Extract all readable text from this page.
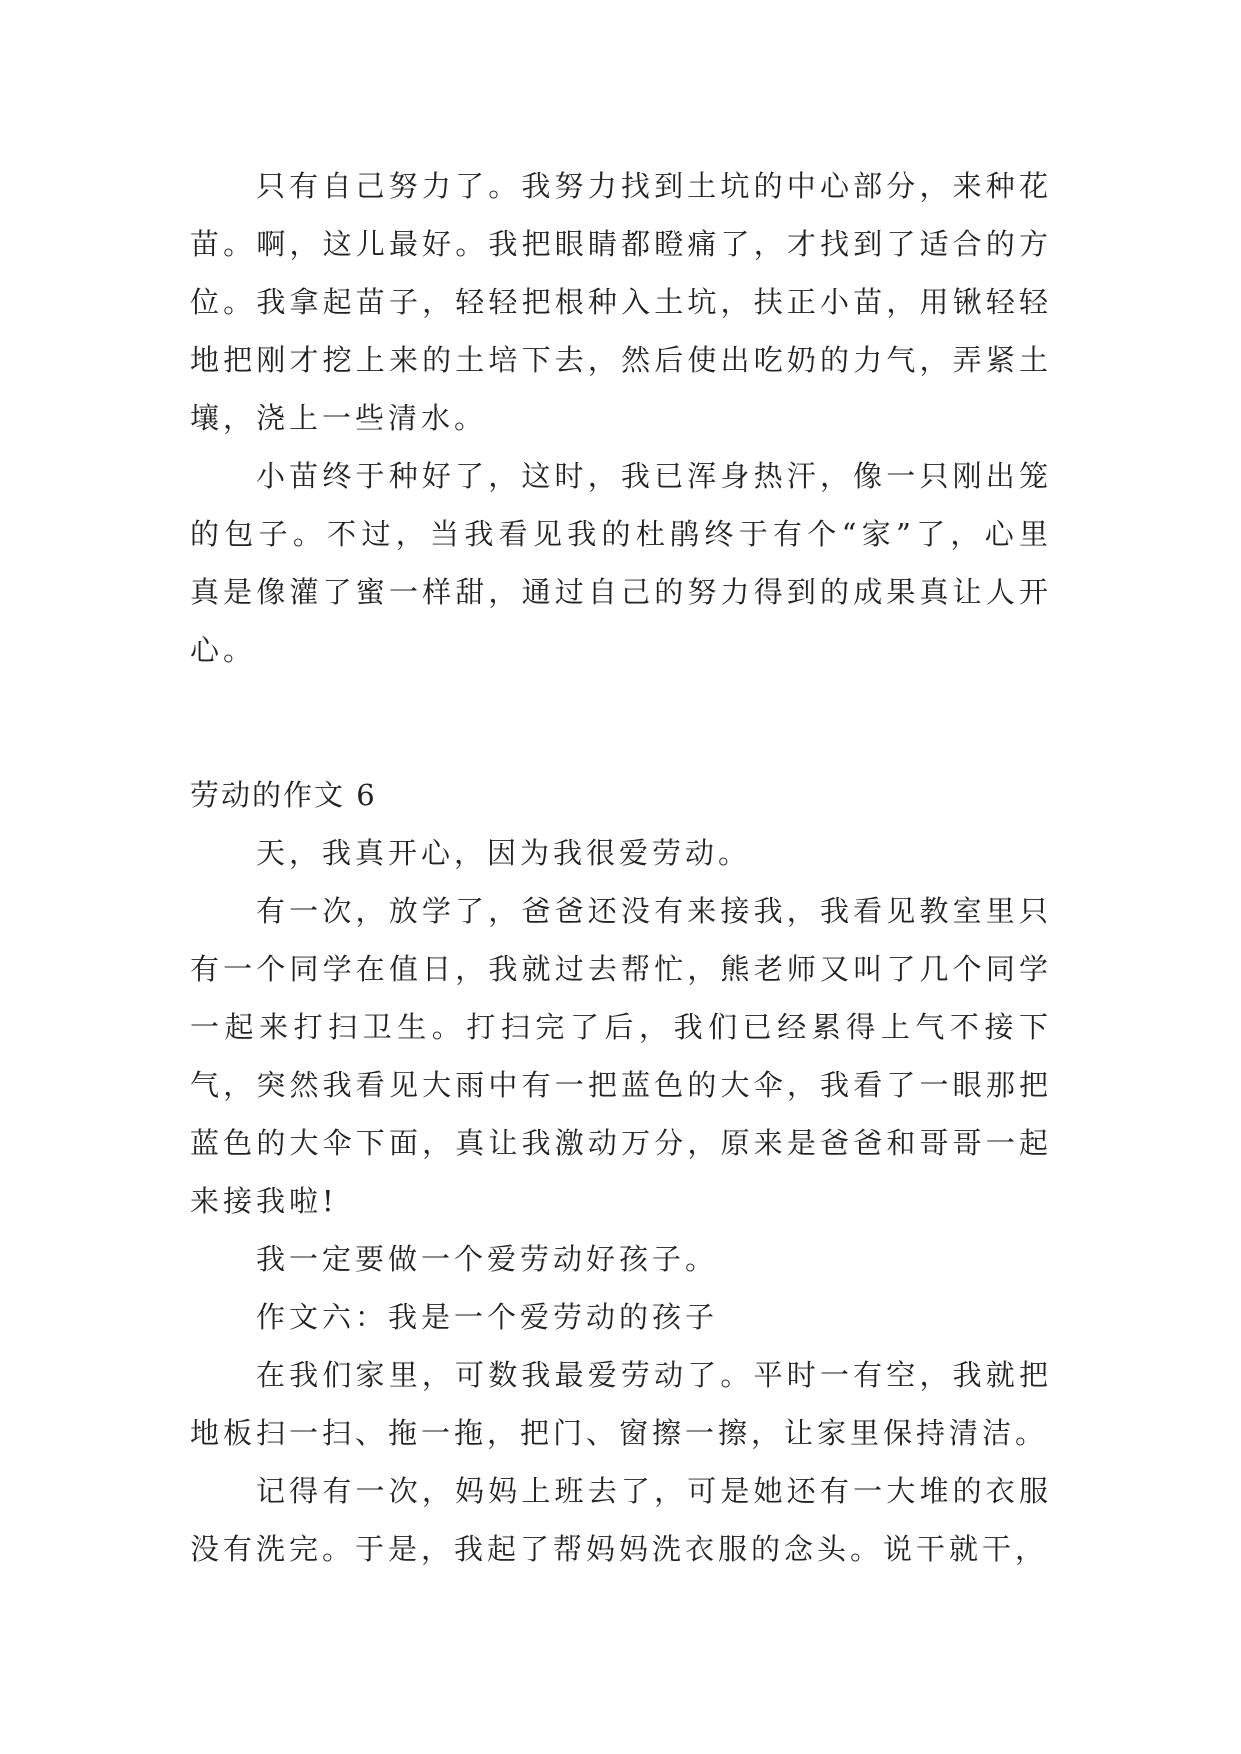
只有自己努力了。我努力找到土坑的中心部分，来种花苗。啊，这儿最好。我把眼睛都瞪痛了，才找到了适合的方位。我拿起苗子，轻轻把根种入土坑，扶正小苗，用锹轻轻地把刚才挖上来的土培下去，然后使出吃奶的力气，弄紧土壤，浇上一些清水。

小苗终于种好了，这时，我已浑身热汗，像一只刚出笼的包子。不过，当我看见我的杜鹃终于有个“家”了，心里真是像灌了蜜一样甜，通过自己的努力得到的成果真让人开心。

劳动的作文 6

天，我真开心，因为我很爱劳动。

有一次，放学了，爸爸还没有来接我，我看见教室里只有一个同学在值日，我就过去帮忙，熊老师又叫了几个同学一起来打扫卫生。打扫完了后，我们已经累得上气不接下气，突然我看见大雨中有一把蓝色的大伞，我看了一眼那把蓝色的大伞下面，真让我激动万分，原来是爸爸和哥哥一起来接我啦!

我一定要做一个爱劳动好孩子。

作文六：我是一个爱劳动的孩子

在我们家里，可数我最爱劳动了。平时一有空，我就把地板扫一扫、拖一拖，把门、窗擦一擦，让家里保持清洁。

记得有一次，妈妈上班去了，可是她还有一大堆的衣服没有洗完。于是，我起了帮妈妈洗衣服的念头。说干就干，
